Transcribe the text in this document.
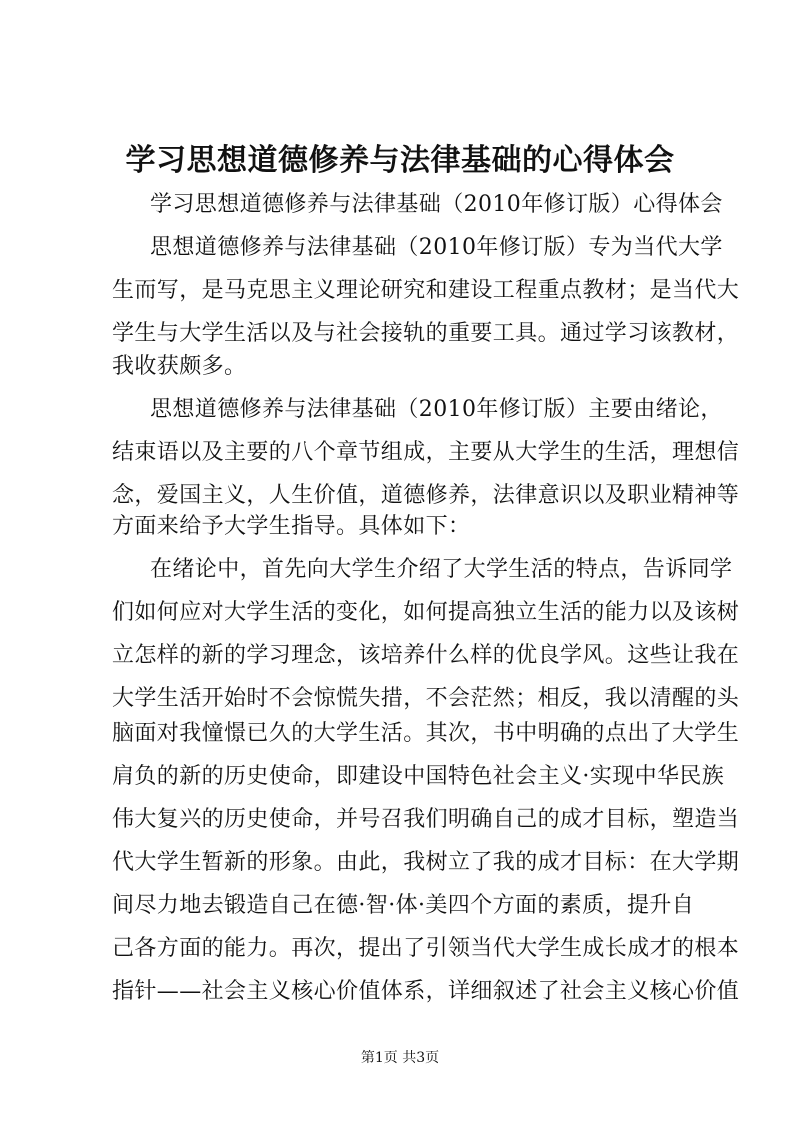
学习思想道德修养与法律基础的心得体会
学习思想道德修养与法律基础（2010年修订版）心得体会
思想道德修养与法律基础（2010年修订版）专为当代大学
生而写，是马克思主义理论研究和建设工程重点教材；是当代大
学生与大学生活以及与社会接轨的重要工具。通过学习该教材，
我收获颇多。
思想道德修养与法律基础（2010年修订版）主要由绪论，
结束语以及主要的八个章节组成，主要从大学生的生活，理想信
念，爱国主义，人生价值，道德修养，法律意识以及职业精神等
方面来给予大学生指导。具体如下：
在绪论中，首先向大学生介绍了大学生活的特点，告诉同学
们如何应对大学生活的变化，如何提高独立生活的能力以及该树
立怎样的新的学习理念，该培养什么样的优良学风。这些让我在
大学生活开始时不会惊慌失措，不会茫然；相反，我以清醒的头
脑面对我憧憬已久的大学生活。其次，书中明确的点出了大学生
肩负的新的历史使命，即建设中国特色社会主义·实现中华民族
伟大复兴的历史使命，并号召我们明确自己的成才目标，塑造当
代大学生暂新的形象。由此，我树立了我的成才目标：在大学期
间尽力地去锻造自己在德·智·体·美四个方面的素质，提升自
己各方面的能力。再次，提出了引领当代大学生成长成才的根本
指针——社会主义核心价值体系，详细叙述了社会主义核心价值
第1页 共3页
